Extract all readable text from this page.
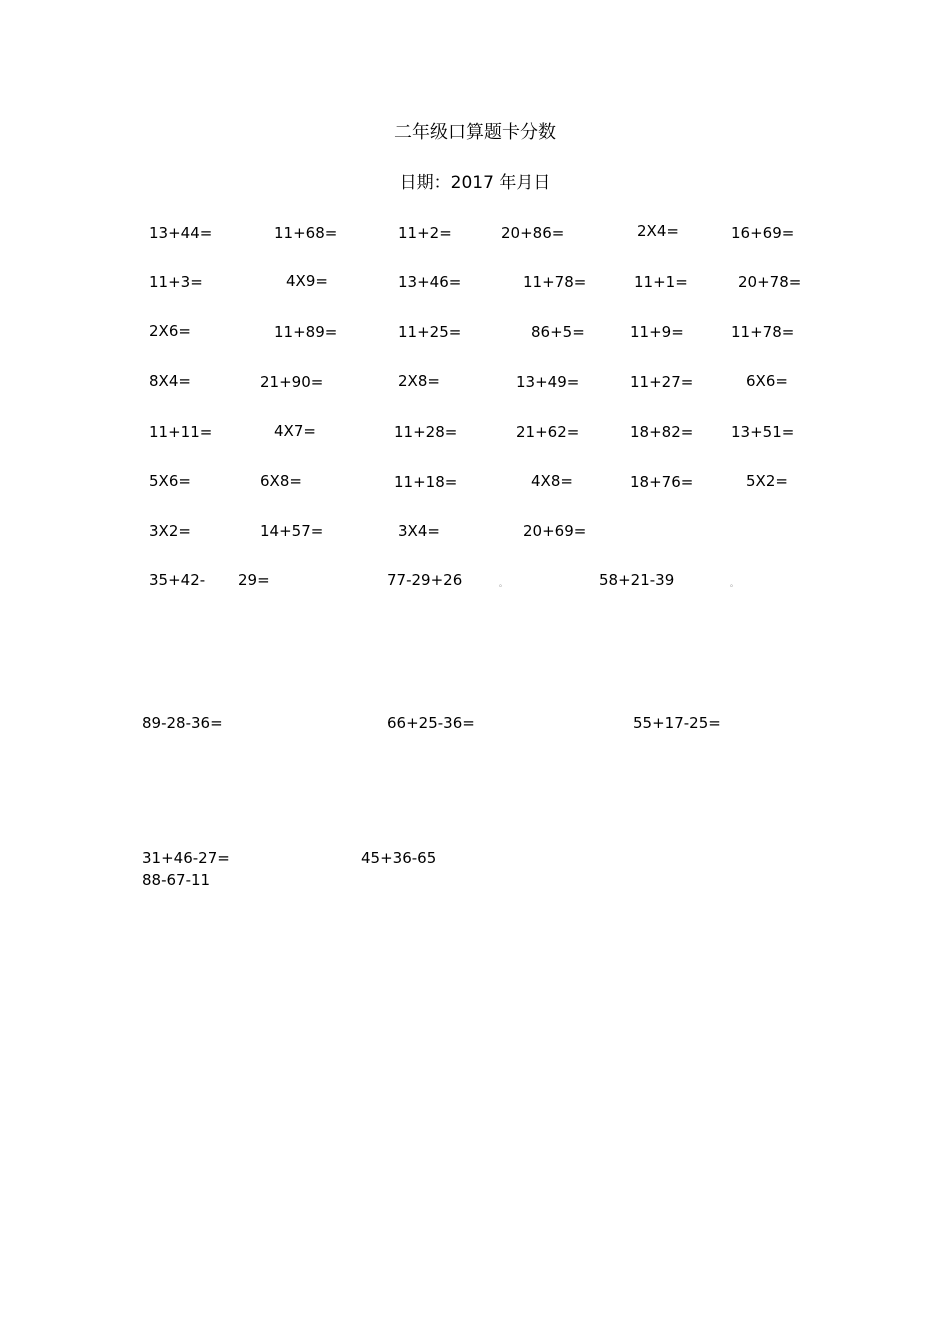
二年级口算题卡分数
日期：2017 年月日
13+44=	11+68=	11+2=	20+86=	2X4=	16+69=
11+3=	4X9=	13+46=	11+78=	11+1=	20+78=
2X6=	11+89=	11+25=	86+5=	11+9=	11+78=
8X4=	21+90=	2X8=	13+49=	11+27=	6X6=
11+11=	4X7=	11+28=	21+62=	18+82=	13+51=
5X6=	6X8=	11+18=	4X8=	18+76=	5X2=
3X2=	14+57=	3X4=	20+69=
35+42- 29=	77-29+26	。	58+21-39	。
89-28-36=	66+25-36=	55+17-25=
31+46-27=	45+36-65
88-67-11
